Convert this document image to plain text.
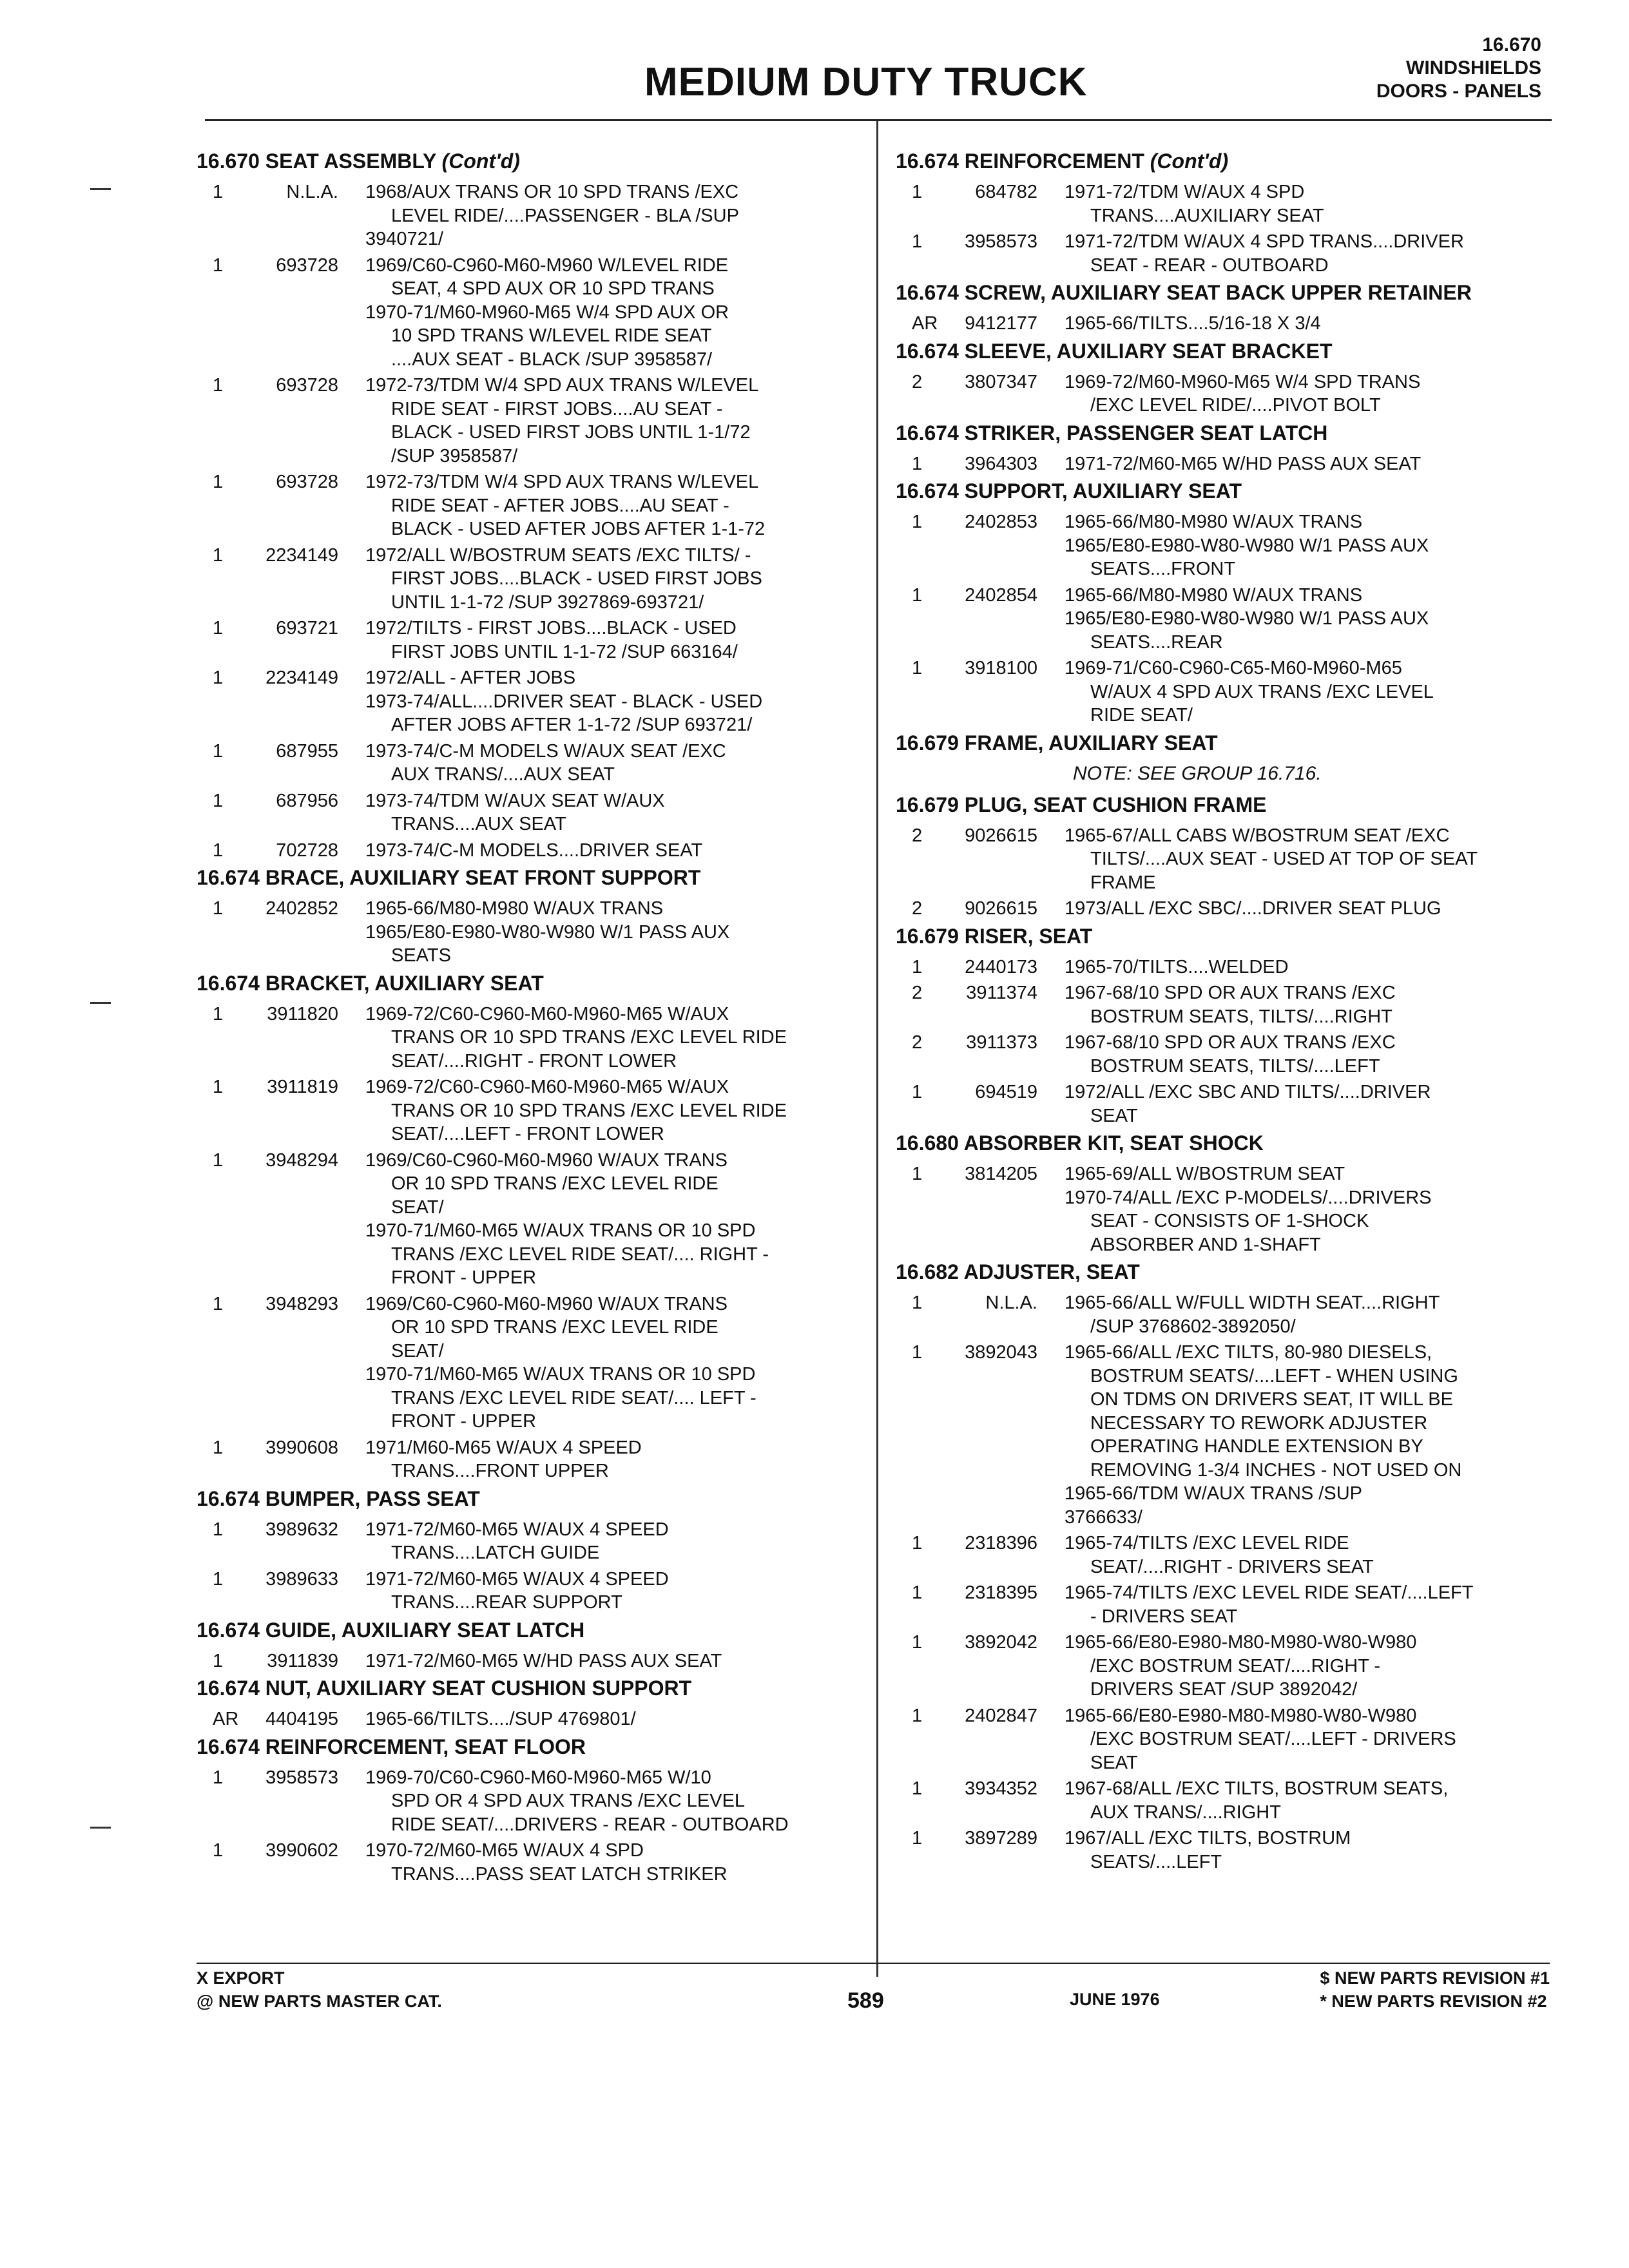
MEDIUM DUTY TRUCK
16.670
WINDSHIELDS
DOORS - PANELS
16.670 SEAT ASSEMBLY (Cont'd)
1	N.L.A.	1968/AUX TRANS OR 10 SPD TRANS /EXC
LEVEL RIDE/....PASSENGER - BLA /SUP
3940721/
1	693728	1969/C60-C960-M60-M960 W/LEVEL RIDE
SEAT, 4 SPD AUX OR 10 SPD TRANS
1970-71/M60-M960-M65 W/4 SPD AUX OR
10 SPD TRANS W/LEVEL RIDE SEAT
....AUX SEAT - BLACK /SUP 3958587/
1	693728	1972-73/TDM W/4 SPD AUX TRANS W/LEVEL
RIDE SEAT - FIRST JOBS....AU SEAT -
BLACK - USED FIRST JOBS UNTIL 1-1/72
/SUP 3958587/
1	693728	1972-73/TDM W/4 SPD AUX TRANS W/LEVEL
RIDE SEAT - AFTER JOBS....AU SEAT -
BLACK - USED AFTER JOBS AFTER 1-1-72
1	2234149	1972/ALL W/BOSTRUM SEATS /EXC TILTS/ -
FIRST JOBS....BLACK - USED FIRST JOBS
UNTIL 1-1-72 /SUP 3927869-693721/
1	693721	1972/TILTS - FIRST JOBS....BLACK - USED
FIRST JOBS UNTIL 1-1-72 /SUP 663164/
1	2234149	1972/ALL - AFTER JOBS
1973-74/ALL....DRIVER SEAT - BLACK - USED
AFTER JOBS AFTER 1-1-72 /SUP 693721/
1	687955	1973-74/C-M MODELS W/AUX SEAT /EXC
AUX TRANS/....AUX SEAT
1	687956	1973-74/TDM W/AUX SEAT W/AUX
TRANS....AUX SEAT
1	702728	1973-74/C-M MODELS....DRIVER SEAT
16.674 BRACE, AUXILIARY SEAT FRONT SUPPORT
1	2402852	1965-66/M80-M980 W/AUX TRANS
1965/E80-E980-W80-W980 W/1 PASS AUX
SEATS
16.674 BRACKET, AUXILIARY SEAT
1	3911820	1969-72/C60-C960-M60-M960-M65 W/AUX
TRANS OR 10 SPD TRANS /EXC LEVEL RIDE
SEAT/....RIGHT - FRONT LOWER
1	3911819	1969-72/C60-C960-M60-M960-M65 W/AUX
TRANS OR 10 SPD TRANS /EXC LEVEL RIDE
SEAT/....LEFT - FRONT LOWER
1	3948294	1969/C60-C960-M60-M960 W/AUX TRANS
OR 10 SPD TRANS /EXC LEVEL RIDE
SEAT/
1970-71/M60-M65 W/AUX TRANS OR 10 SPD
TRANS /EXC LEVEL RIDE SEAT/.... RIGHT -
FRONT - UPPER
1	3948293	1969/C60-C960-M60-M960 W/AUX TRANS
OR 10 SPD TRANS /EXC LEVEL RIDE
SEAT/
1970-71/M60-M65 W/AUX TRANS OR 10 SPD
TRANS /EXC LEVEL RIDE SEAT/.... LEFT -
FRONT - UPPER
1	3990608	1971/M60-M65 W/AUX 4 SPEED
TRANS....FRONT UPPER
16.674 BUMPER, PASS SEAT
1	3989632	1971-72/M60-M65 W/AUX 4 SPEED
TRANS....LATCH GUIDE
1	3989633	1971-72/M60-M65 W/AUX 4 SPEED
TRANS....REAR SUPPORT
16.674 GUIDE, AUXILIARY SEAT LATCH
1	3911839	1971-72/M60-M65 W/HD PASS AUX SEAT
16.674 NUT, AUXILIARY SEAT CUSHION SUPPORT
AR	4404195	1965-66/TILTS..../SUP 4769801/
16.674 REINFORCEMENT, SEAT FLOOR
1	3958573	1969-70/C60-C960-M60-M960-M65 W/10
SPD OR 4 SPD AUX TRANS /EXC LEVEL
RIDE SEAT/....DRIVERS - REAR - OUTBOARD
1	3990602	1970-72/M60-M65 W/AUX 4 SPD
TRANS....PASS SEAT LATCH STRIKER
16.674 REINFORCEMENT (Cont'd)
1	684782	1971-72/TDM W/AUX 4 SPD
TRANS....AUXILIARY SEAT
1	3958573	1971-72/TDM W/AUX 4 SPD TRANS....DRIVER
SEAT - REAR - OUTBOARD
16.674 SCREW, AUXILIARY SEAT BACK UPPER RETAINER
AR	9412177	1965-66/TILTS....5/16-18 X 3/4
16.674 SLEEVE, AUXILIARY SEAT BRACKET
2	3807347	1969-72/M60-M960-M65 W/4 SPD TRANS
/EXC LEVEL RIDE/....PIVOT BOLT
16.674 STRIKER, PASSENGER SEAT LATCH
1	3964303	1971-72/M60-M65 W/HD PASS AUX SEAT
16.674 SUPPORT, AUXILIARY SEAT
1	2402853	1965-66/M80-M980 W/AUX TRANS
1965/E80-E980-W80-W980 W/1 PASS AUX
SEATS....FRONT
1	2402854	1965-66/M80-M980 W/AUX TRANS
1965/E80-E980-W80-W980 W/1 PASS AUX
SEATS....REAR
1	3918100	1969-71/C60-C960-C65-M60-M960-M65
W/AUX 4 SPD AUX TRANS /EXC LEVEL
RIDE SEAT/
16.679 FRAME, AUXILIARY SEAT
NOTE: SEE GROUP 16.716.
16.679 PLUG, SEAT CUSHION FRAME
2	9026615	1965-67/ALL CABS W/BOSTRUM SEAT /EXC
TILTS/....AUX SEAT - USED AT TOP OF SEAT
FRAME
2	9026615	1973/ALL /EXC SBC/....DRIVER SEAT PLUG
16.679 RISER, SEAT
1	2440173	1965-70/TILTS....WELDED
2	3911374	1967-68/10 SPD OR AUX TRANS /EXC
BOSTRUM SEATS, TILTS/....RIGHT
2	3911373	1967-68/10 SPD OR AUX TRANS /EXC
BOSTRUM SEATS, TILTS/....LEFT
1	694519	1972/ALL /EXC SBC AND TILTS/....DRIVER
SEAT
16.680 ABSORBER KIT, SEAT SHOCK
1	3814205	1965-69/ALL W/BOSTRUM SEAT
1970-74/ALL /EXC P-MODELS/....DRIVERS
SEAT - CONSISTS OF 1-SHOCK
ABSORBER AND 1-SHAFT
16.682 ADJUSTER, SEAT
1	N.L.A.	1965-66/ALL W/FULL WIDTH SEAT....RIGHT
/SUP 3768602-3892050/
1	3892043	1965-66/ALL /EXC TILTS, 80-980 DIESELS,
BOSTRUM SEATS/....LEFT - WHEN USING
ON TDMS ON DRIVERS SEAT, IT WILL BE
NECESSARY TO REWORK ADJUSTER
OPERATING HANDLE EXTENSION BY
REMOVING 1-3/4 INCHES - NOT USED ON
1965-66/TDM W/AUX TRANS /SUP
3766633/
1	2318396	1965-74/TILTS /EXC LEVEL RIDE
SEAT/....RIGHT - DRIVERS SEAT
1	2318395	1965-74/TILTS /EXC LEVEL RIDE SEAT/....LEFT
- DRIVERS SEAT
1	3892042	1965-66/E80-E980-M80-M980-W80-W980
/EXC BOSTRUM SEAT/....RIGHT -
DRIVERS SEAT /SUP 3892042/
1	2402847	1965-66/E80-E980-M80-M980-W80-W980
/EXC BOSTRUM SEAT/....LEFT - DRIVERS
SEAT
1	3934352	1967-68/ALL /EXC TILTS, BOSTRUM SEATS,
AUX TRANS/....RIGHT
1	3897289	1967/ALL /EXC TILTS, BOSTRUM
SEATS/....LEFT
X EXPORT
@ NEW PARTS MASTER CAT.	589	JUNE 1976
$ NEW PARTS REVISION #1
* NEW PARTS REVISION #2
